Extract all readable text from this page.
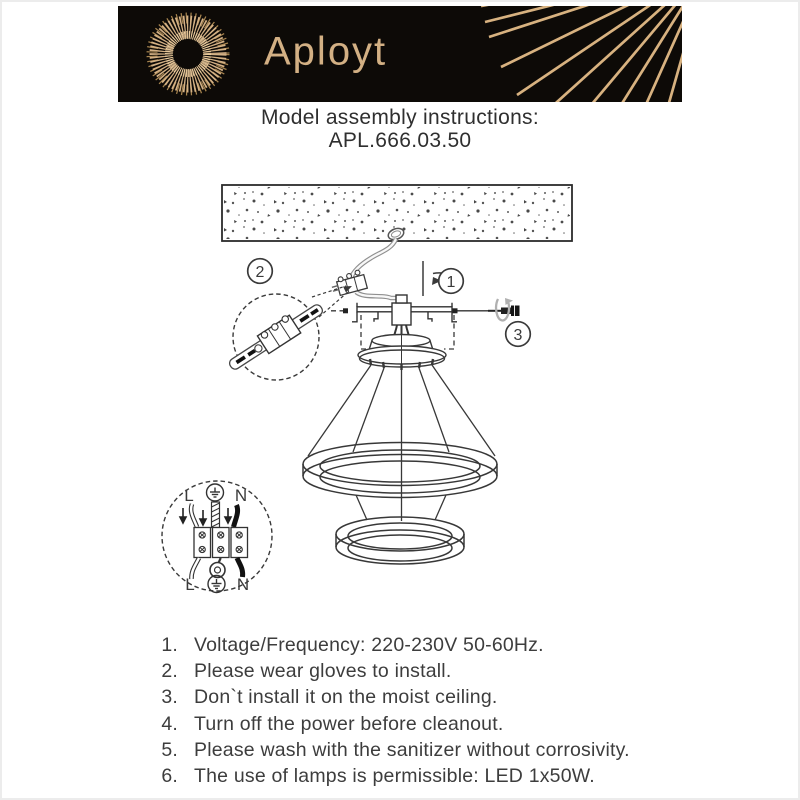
Aployt
Model assembly instructions:
APL.666.03.50
2
1
3
L N
L N
1. Voltage/Frequency: 220-230V 50-60Hz.
2. Please wear gloves to install.
3. Don`t install it on the moist ceiling.
4. Turn off the power before cleanout.
5. Please wash with the sanitizer without corrosivity.
6. The use of lamps is permissible: LED 1x50W.
